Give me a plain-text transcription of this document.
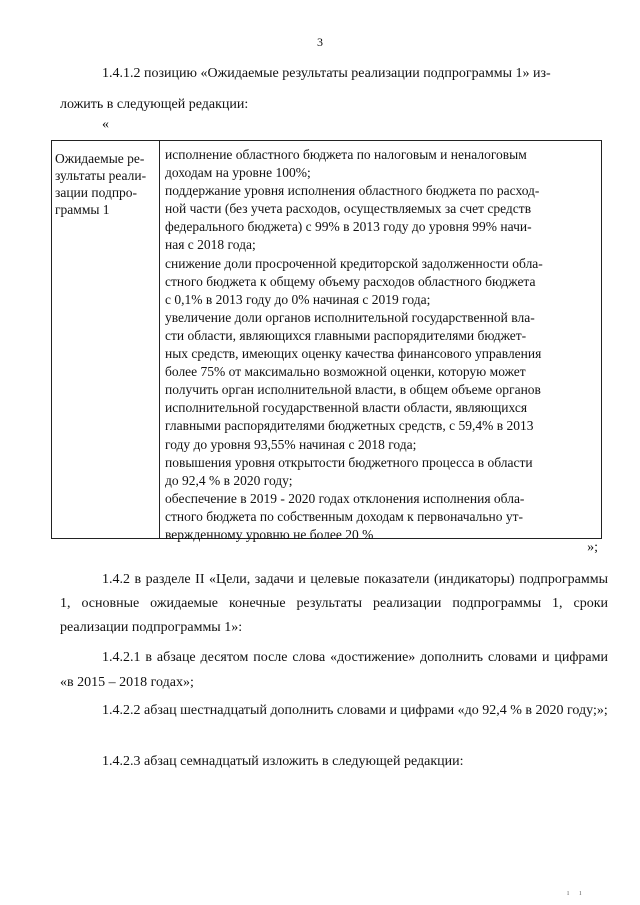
3
1.4.1.2 позицию «Ожидаемые результаты реализации подпрограммы 1» из-
ложить в следующей редакции:
«
Ожидаемые ре-
зультаты реали-
зации подпро-
граммы 1
исполнение областного бюджета по налоговым и неналоговым
доходам на уровне 100%;
поддержание уровня исполнения областного бюджета по расход-
ной части (без учета расходов, осуществляемых за счет средств
федерального бюджета) с 99% в 2013 году до уровня 99% начи-
ная с 2018 года;
снижение доли просроченной кредиторской задолженности обла-
стного бюджета к общему объему расходов областного бюджета
с 0,1% в 2013 году до 0% начиная с 2019 года;
увеличение доли органов исполнительной государственной вла-
сти области, являющихся главными распорядителями бюджет-
ных средств, имеющих оценку качества финансового управления
более 75% от максимально возможной оценки, которую может
получить орган исполнительной власти, в общем объеме органов
исполнительной государственной власти области, являющихся
главными распорядителями бюджетных средств, с 59,4% в 2013
году до уровня 93,55% начиная с 2018 года;
повышения уровня открытости бюджетного процесса в области
до 92,4 % в 2020 году;
обеспечение в 2019 - 2020 годах отклонения исполнения обла-
стного бюджета по собственным доходам к первоначально ут-
вержденному уровню не более 20 %
»;
1.4.2 в разделе II «Цели, задачи и целевые показатели (индикаторы) подпрограммы 1, основные ожидаемые конечные результаты реализации подпрограммы 1, сроки реализации подпрограммы 1»:
1.4.2.1 в абзаце десятом после слова «достижение» дополнить словами и цифрами «в 2015 – 2018 годах»;
1.4.2.2 абзац шестнадцатый дополнить словами и цифрами «до 92,4 % в 2020 году;»;
1.4.2.3 абзац семнадцатый изложить в следующей редакции:
ı ı
